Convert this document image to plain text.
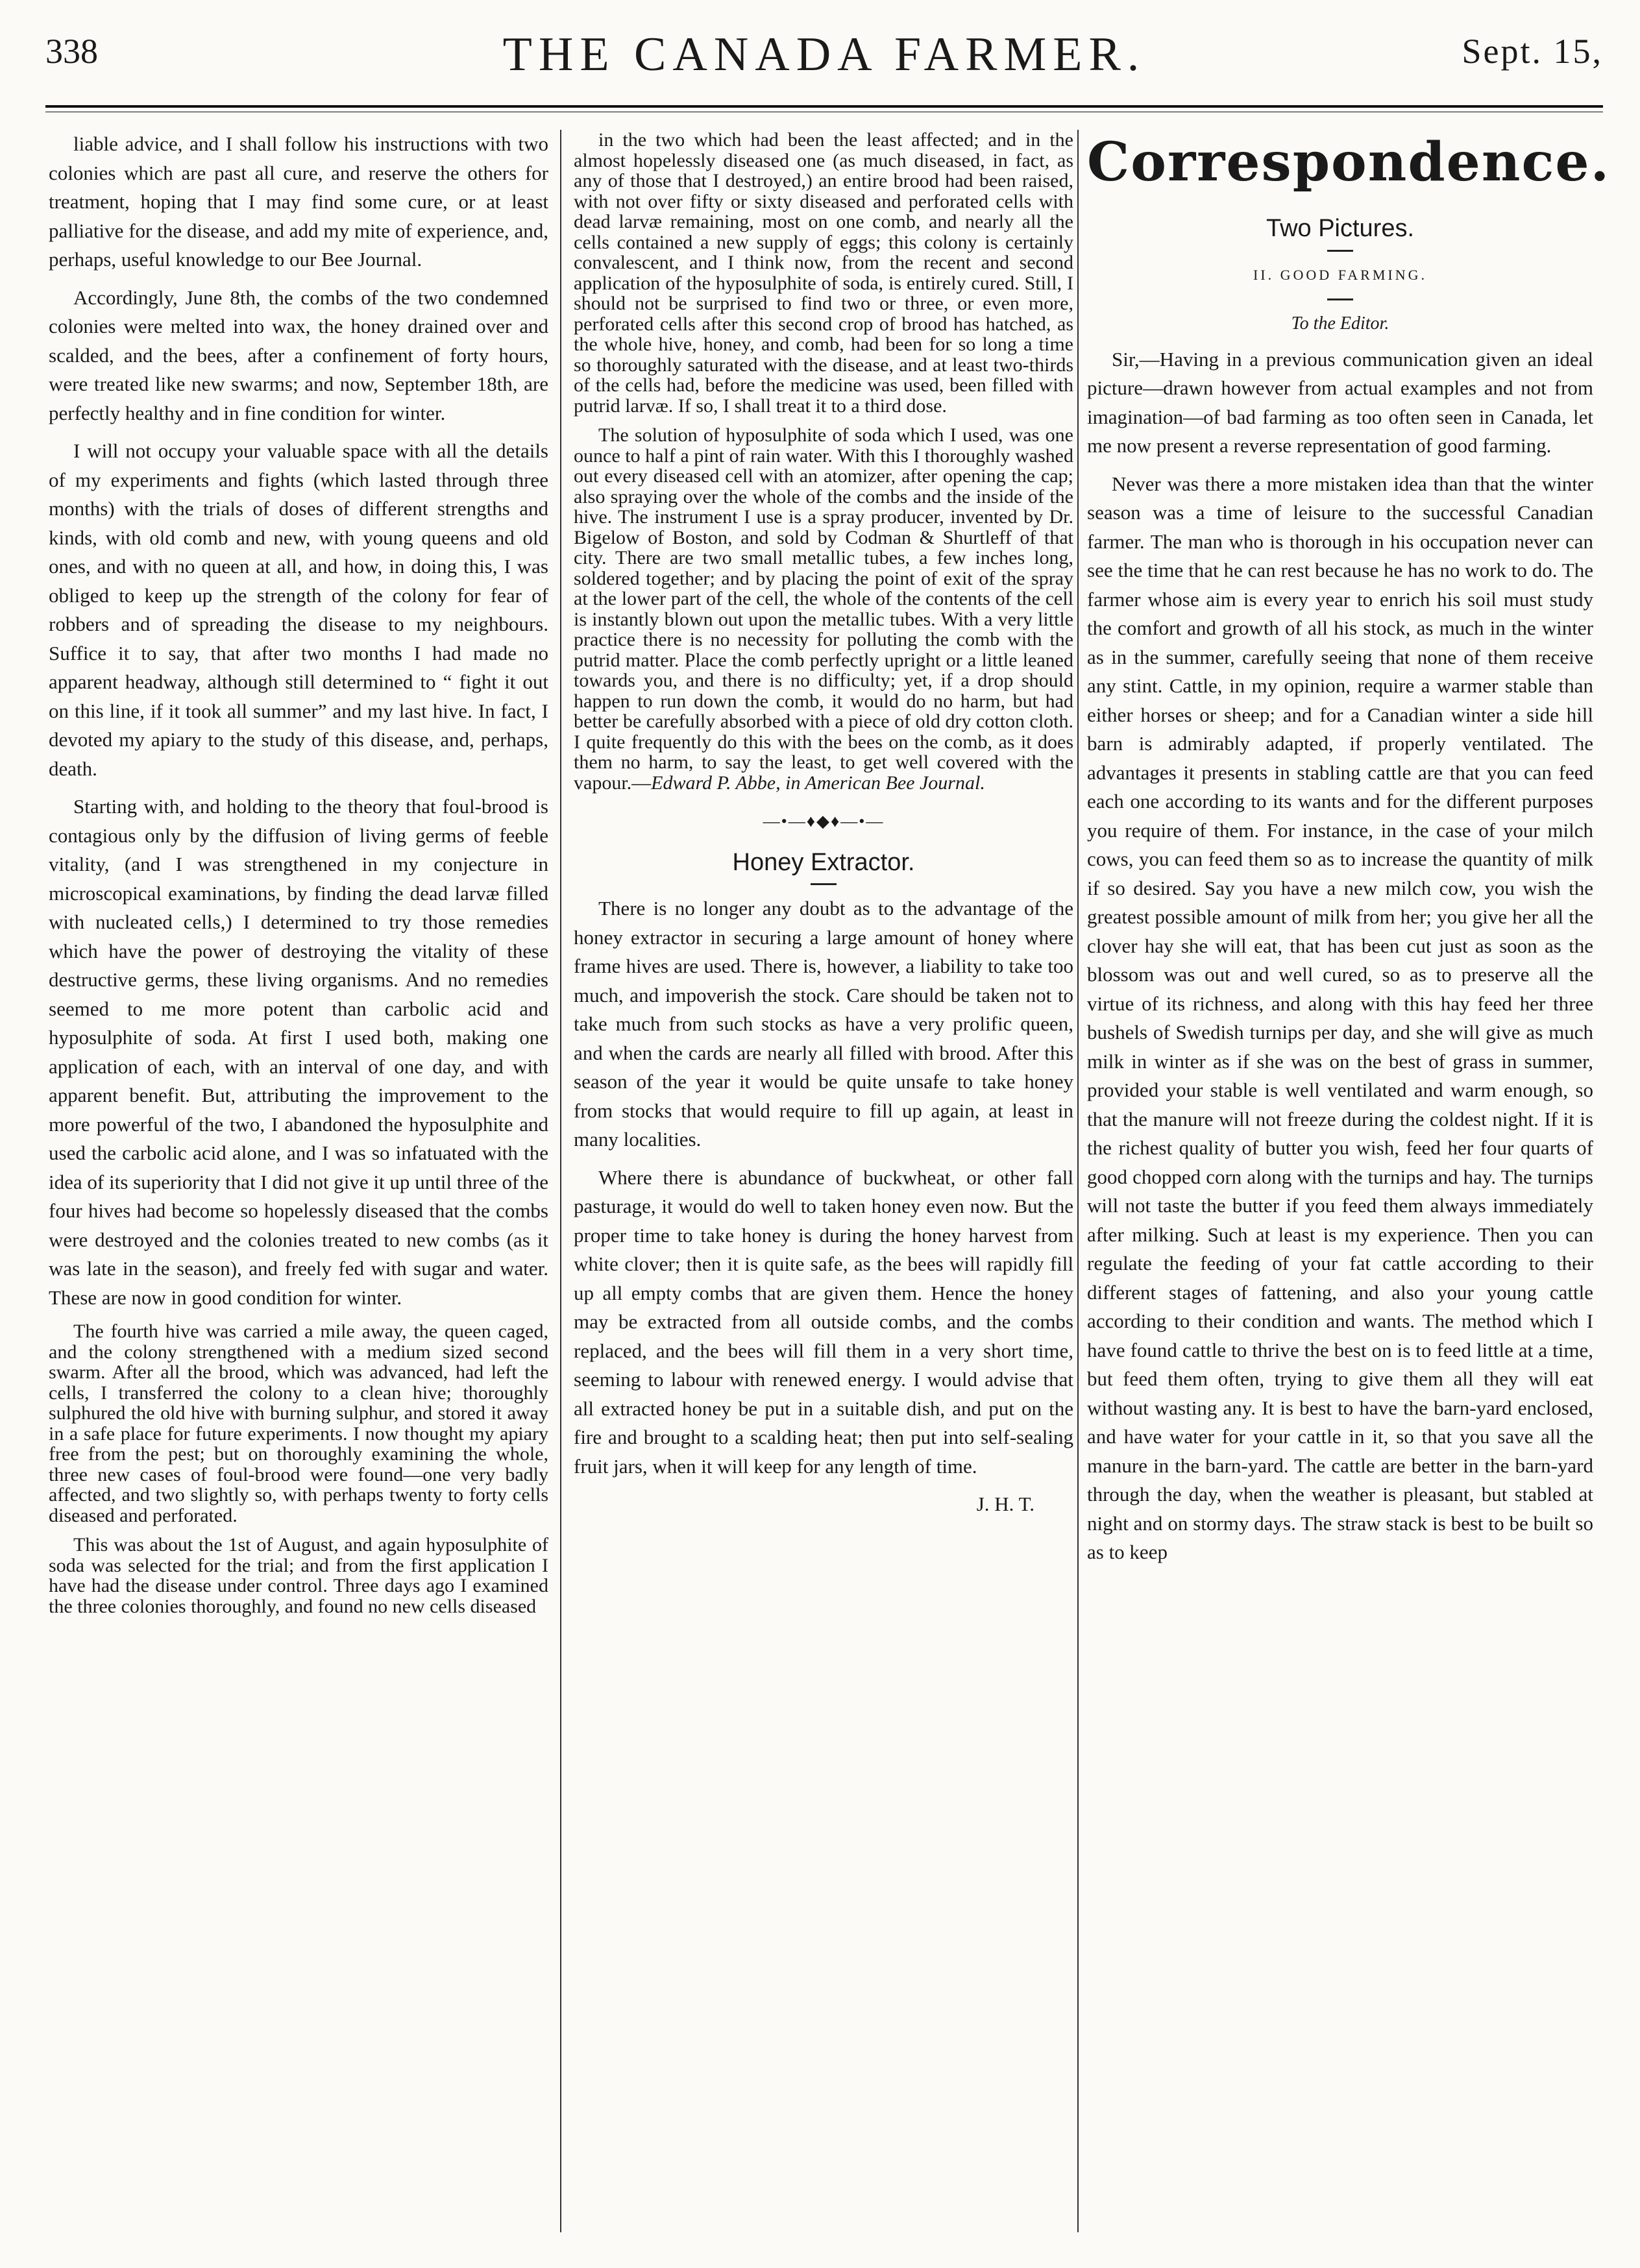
338	THE CANADA FARMER.	Sept. 15,

liable advice, and I shall follow his instructions with two colonies which are past all cure, and reserve the others for treatment, hoping that I may find some cure, or at least palliative for the disease, and add my mite of experience, and, perhaps, useful knowledge to our Bee Journal.

Accordingly, June 8th, the combs of the two condemned colonies were melted into wax, the honey drained over and scalded, and the bees, after a confinement of forty hours, were treated like new swarms; and now, September 18th, are perfectly healthy and in fine condition for winter.

I will not occupy your valuable space with all the details of my experiments and fights (which lasted through three months) with the trials of doses of different strengths and kinds, with old comb and new, with young queens and old ones, and with no queen at all, and how, in doing this, I was obliged to keep up the strength of the colony for fear of robbers and of spreading the disease to my neighbours. Suffice it to say, that after two months I had made no apparent headway, although still determined to “ fight it out on this line, if it took all summer” and my last hive. In fact, I devoted my apiary to the study of this disease, and, perhaps, death.

Starting with, and holding to the theory that foul-brood is contagious only by the diffusion of living germs of feeble vitality, (and I was strengthened in my conjecture in microscopical examinations, by finding the dead larvæ filled with nucleated cells,) I determined to try those remedies which have the power of destroying the vitality of these destructive germs, these living organisms. And no remedies seemed to me more potent than carbolic acid and hyposulphite of soda. At first I used both, making one application of each, with an interval of one day, and with apparent benefit. But, attributing the improvement to the more powerful of the two, I abandoned the hyposulphite and used the carbolic acid alone, and I was so infatuated with the idea of its superiority that I did not give it up until three of the four hives had become so hopelessly diseased that the combs were destroyed and the colonies treated to new combs (as it was late in the season), and freely fed with sugar and water. These are now in good condition for winter.

The fourth hive was carried a mile away, the queen caged, and the colony strengthened with a medium sized second swarm. After all the brood, which was advanced, had left the cells, I transferred the colony to a clean hive; thoroughly sulphured the old hive with burning sulphur, and stored it away in a safe place for future experiments. I now thought my apiary free from the pest; but on thoroughly examining the whole, three new cases of foul-brood were found—one very badly affected, and two slightly so, with perhaps twenty to forty cells diseased and perforated.

This was about the 1st of August, and again hyposulphite of soda was selected for the trial; and from the first application I have had the disease under control. Three days ago I examined the three colonies thoroughly, and found no new cells diseased

in the two which had been the least affected; and in the almost hopelessly diseased one (as much diseased, in fact, as any of those that I destroyed,) an entire brood had been raised, with not over fifty or sixty diseased and perforated cells with dead larvæ remaining, most on one comb, and nearly all the cells contained a new supply of eggs; this colony is certainly convalescent, and I think now, from the recent and second application of the hyposulphite of soda, is entirely cured. Still, I should not be surprised to find two or three, or even more, perforated cells after this second crop of brood has hatched, as the whole hive, honey, and comb, had been for so long a time so thoroughly saturated with the disease, and at least two-thirds of the cells had, before the medicine was used, been filled with putrid larvæ. If so, I shall treat it to a third dose.

The solution of hyposulphite of soda which I used, was one ounce to half a pint of rain water. With this I thoroughly washed out every diseased cell with an atomizer, after opening the cap; also spraying over the whole of the combs and the inside of the hive. The instrument I use is a spray producer, invented by Dr. Bigelow of Boston, and sold by Codman & Shurtleff of that city. There are two small metallic tubes, a few inches long, soldered together; and by placing the point of exit of the spray at the lower part of the cell, the whole of the contents of the cell is instantly blown out upon the metallic tubes. With a very little practice there is no necessity for polluting the comb with the putrid matter. Place the comb perfectly upright or a little leaned towards you, and there is no difficulty; yet, if a drop should happen to run down the comb, it would do no harm, but had better be carefully absorbed with a piece of old dry cotton cloth. I quite frequently do this with the bees on the comb, as it does them no harm, to say the least, to get well covered with the vapour.—Edward P. Abbe, in American Bee Journal.

—•—♦◆♦—•—
Honey Extractor.

There is no longer any doubt as to the advantage of the honey extractor in securing a large amount of honey where frame hives are used. There is, however, a liability to take too much, and impoverish the stock. Care should be taken not to take much from such stocks as have a very prolific queen, and when the cards are nearly all filled with brood. After this season of the year it would be quite unsafe to take honey from stocks that would require to fill up again, at least in many localities.

Where there is abundance of buckwheat, or other fall pasturage, it would do well to taken honey even now. But the proper time to take honey is during the honey harvest from white clover; then it is quite safe, as the bees will rapidly fill up all empty combs that are given them. Hence the honey may be extracted from all outside combs, and the combs replaced, and the bees will fill them in a very short time, seeming to labour with renewed energy. I would advise that all extracted honey be put in a suitable dish, and put on the fire and brought to a scalding heat; then put into self-sealing fruit jars, when it will keep for any length of time.

J. H. T.

Correspondence.
Two Pictures.
II. GOOD FARMING.
To the Editor.

Sir,—Having in a previous communication given an ideal picture—drawn however from actual examples and not from imagination—of bad farming as too often seen in Canada, let me now present a reverse representation of good farming.

Never was there a more mistaken idea than that the winter season was a time of leisure to the successful Canadian farmer. The man who is thorough in his occupation never can see the time that he can rest because he has no work to do. The farmer whose aim is every year to enrich his soil must study the comfort and growth of all his stock, as much in the winter as in the summer, carefully seeing that none of them receive any stint. Cattle, in my opinion, require a warmer stable than either horses or sheep; and for a Canadian winter a side hill barn is admirably adapted, if properly ventilated. The advantages it presents in stabling cattle are that you can feed each one according to its wants and for the different purposes you require of them. For instance, in the case of your milch cows, you can feed them so as to increase the quantity of milk if so desired. Say you have a new milch cow, you wish the greatest possible amount of milk from her; you give her all the clover hay she will eat, that has been cut just as soon as the blossom was out and well cured, so as to preserve all the virtue of its richness, and along with this hay feed her three bushels of Swedish turnips per day, and she will give as much milk in winter as if she was on the best of grass in summer, provided your stable is well ventilated and warm enough, so that the manure will not freeze during the coldest night. If it is the richest quality of butter you wish, feed her four quarts of good chopped corn along with the turnips and hay. The turnips will not taste the butter if you feed them always immediately after milking. Such at least is my experience. Then you can regulate the feeding of your fat cattle according to their different stages of fattening, and also your young cattle according to their condition and wants. The method which I have found cattle to thrive the best on is to feed little at a time, but feed them often, trying to give them all they will eat without wasting any. It is best to have the barn-yard enclosed, and have water for your cattle in it, so that you save all the manure in the barn-yard. The cattle are better in the barn-yard through the day, when the weather is pleasant, but stabled at night and on stormy days. The straw stack is best to be built so as to keep
